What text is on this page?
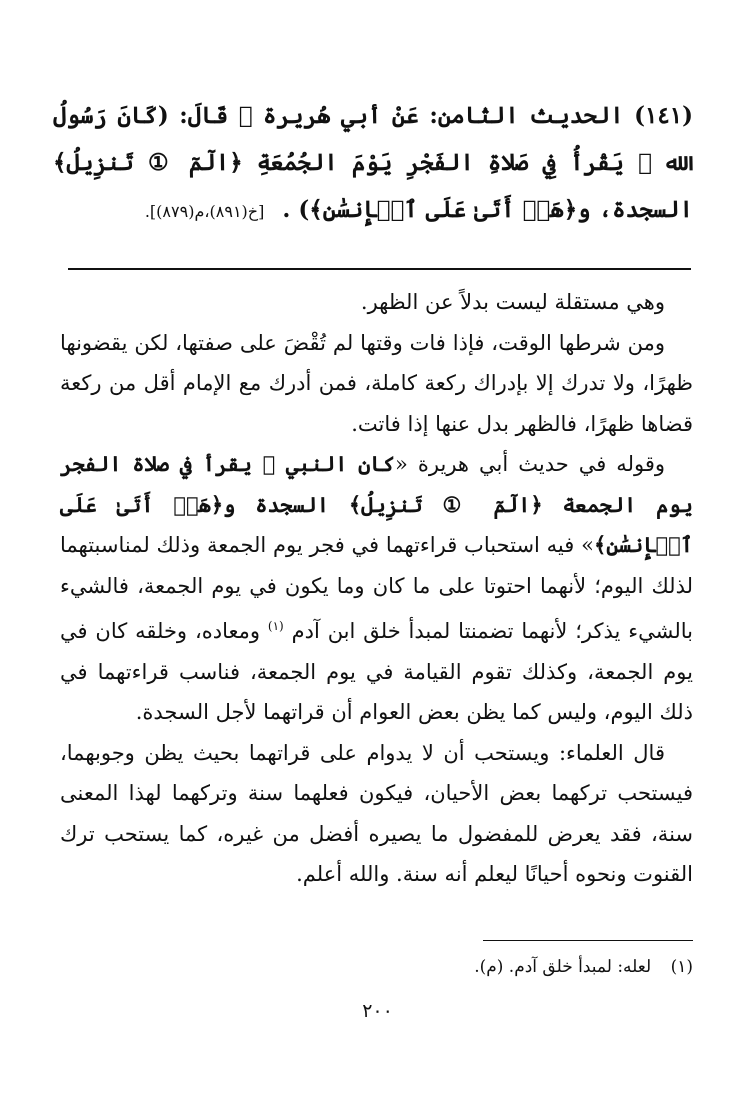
(١٤١) الحديث الثامن: عَنْ أبي هُريرة ﷺ قَالَ: (كَانَ رَسُولُ الله ﷺ يَقْرأُ فِي صَلاةِ الفَجْرِ يَوْمَ الجُمُعَةِ ﴿الٓمٓ ① تَنزِيلُ﴾ السجدة، و﴿هَلۡ أَتَىٰ عَلَى ٱلۡإِنسَٰنِ﴾) . [خ(٨٩١)،م(٨٧٩)].

وهي مستقلة ليست بدلاً عن الظهر.

ومن شرطها الوقت، فإذا فات وقتها لم تُقْضَ على صفتها، لكن يقضونها ظهرًا، ولا تدرك إلا بإدراك ركعة كاملة، فمن أدرك مع الإمام أقل من ركعة قضاها ظهرًا، فالظهر بدل عنها إذا فاتت.

وقوله في حديث أبي هريرة «كان النبي ﷺ يقرأ في صلاة الفجر يوم الجمعة ﴿الٓمٓ ① تَنزِيلُ﴾ السجدة و﴿هَلۡ أَتَىٰ عَلَى ٱلۡإِنسَٰنِ﴾» فيه استحباب قراءتهما في فجر يوم الجمعة وذلك لمناسبتهما لذلك اليوم؛ لأنهما احتوتا على ما كان وما يكون في يوم الجمعة، فالشيء بالشيء يذكر؛ لأنهما تضمنتا لمبدأ خلق ابن آدم $^{(١)}$ ومعاده، وخلقه كان في يوم الجمعة، وكذلك تقوم القيامة في يوم الجمعة، فناسب قراءتهما في ذلك اليوم، وليس كما يظن بعض العوام أن قراتهما لأجل السجدة.

قال العلماء: ويستحب أن لا يدوام على قراتهما بحيث يظن وجوبهما، فيستحب تركهما بعض الأحيان، فيكون فعلهما سنة وتركهما لهذا المعنى سنة، فقد يعرض للمفضول ما يصيره أفضل من غيره، كما يستحب ترك القنوت ونحوه أحيانًا ليعلم أنه سنة. والله أعلم.

(١) لعله: لمبدأ خلق آدم. (م).
٢٠٠
